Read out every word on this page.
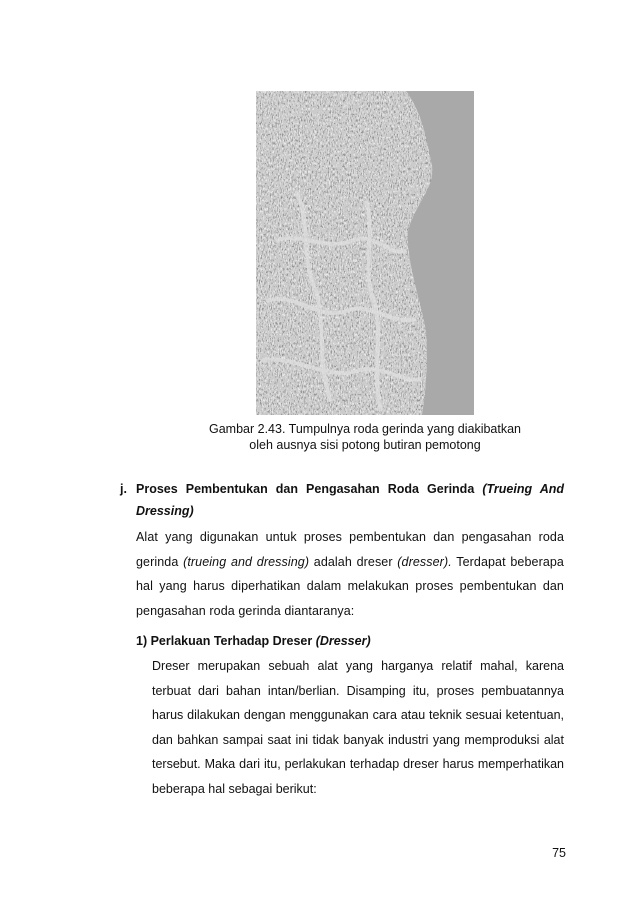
Gambar 2.43. Tumpulnya roda gerinda yang diakibatkan
oleh ausnya sisi potong butiran pemotong
j. Proses Pembentukan dan Pengasahan Roda Gerinda (Trueing And
Dressing)
Alat yang digunakan untuk proses pembentukan dan pengasahan roda gerinda (trueing and dressing) adalah dreser (dresser). Terdapat beberapa hal yang harus diperhatikan dalam melakukan proses pembentukan dan pengasahan roda gerinda diantaranya:
1) Perlakuan Terhadap Dreser (Dresser)
Dreser merupakan sebuah alat yang harganya relatif mahal, karena terbuat dari bahan intan/berlian. Disamping itu, proses pembuatannya harus dilakukan dengan menggunakan cara atau teknik sesuai ketentuan, dan bahkan sampai saat ini tidak banyak industri yang memproduksi alat tersebut. Maka dari itu, perlakukan terhadap dreser harus memperhatikan beberapa hal sebagai berikut:
75
